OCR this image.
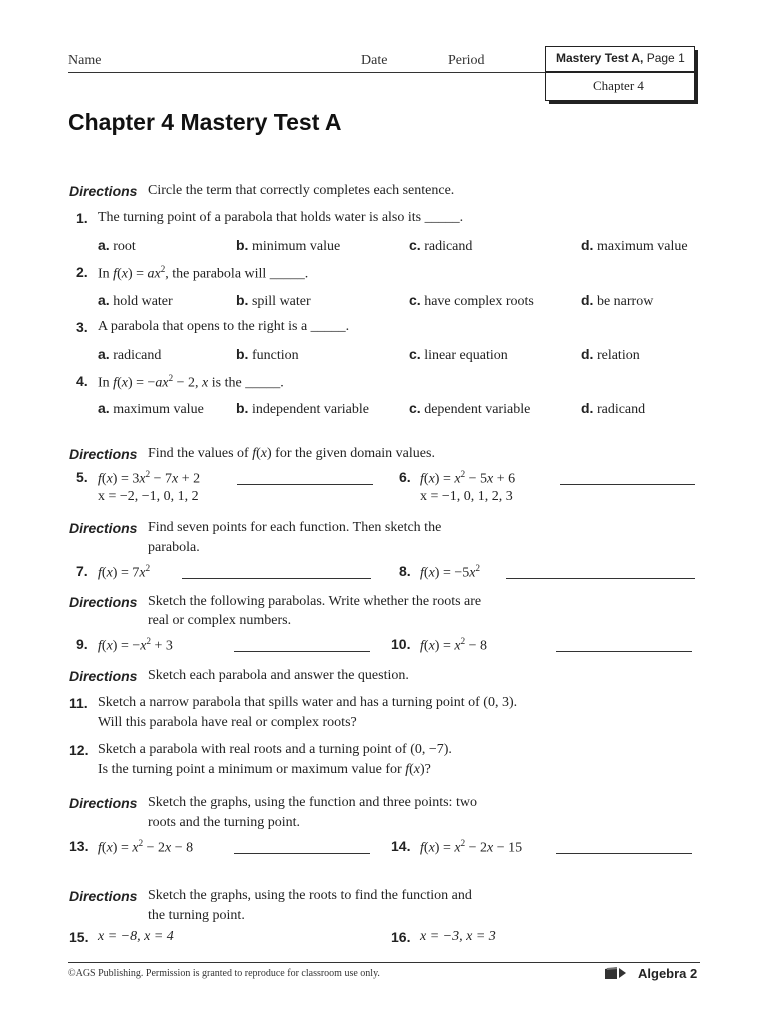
Name	Date	Period	Mastery Test A, Page 1
Chapter 4
Chapter 4 Mastery Test A
Directions Circle the term that correctly completes each sentence.
1. The turning point of a parabola that holds water is also its _____.
a. root	b. minimum value	c. radicand	d. maximum value
2. In $f(x) = ax^2$, the parabola will _____.
a. hold water	b. spill water	c. have complex roots	d. be narrow
3. A parabola that opens to the right is a _____.
a. radicand	b. function	c. linear equation	d. relation
4. In $f(x) = -ax^2 - 2$, x is the _____.
a. maximum value b. independent variable	c. dependent variable	d. radicand
Directions Find the values of f(x) for the given domain values.
5. $f(x) = 3x^2 - 7x + 2$
x = −2, −1, 0, 1, 2
6. $f(x) = x^2 - 5x + 6$
x = −1, 0, 1, 2, 3
Directions Find seven points for each function. Then sketch the
parabola.
7. $f(x) = 7x^2$	8. $f(x) = -5x^2$
Directions Sketch the following parabolas. Write whether the roots are
real or complex numbers.
9. $f(x) = -x^2 + 3$	10. $f(x) = x^2 - 8$
Directions Sketch each parabola and answer the question.
11. Sketch a narrow parabola that spills water and has a turning point of (0, 3).
Will this parabola have real or complex roots?
12. Sketch a parabola with real roots and a turning point of (0, −7).
Is the turning point a minimum or maximum value for f(x)?
Directions Sketch the graphs, using the function and three points: two
roots and the turning point.
13. $f(x) = x^2 - 2x - 8$	14. $f(x) = x^2 - 2x - 15$
Directions Sketch the graphs, using the roots to find the function and
the turning point.
15. x = −8, x = 4	16. x = −3, x = 3
©AGS Publishing. Permission is granted to reproduce for classroom use only.	Algebra 2
